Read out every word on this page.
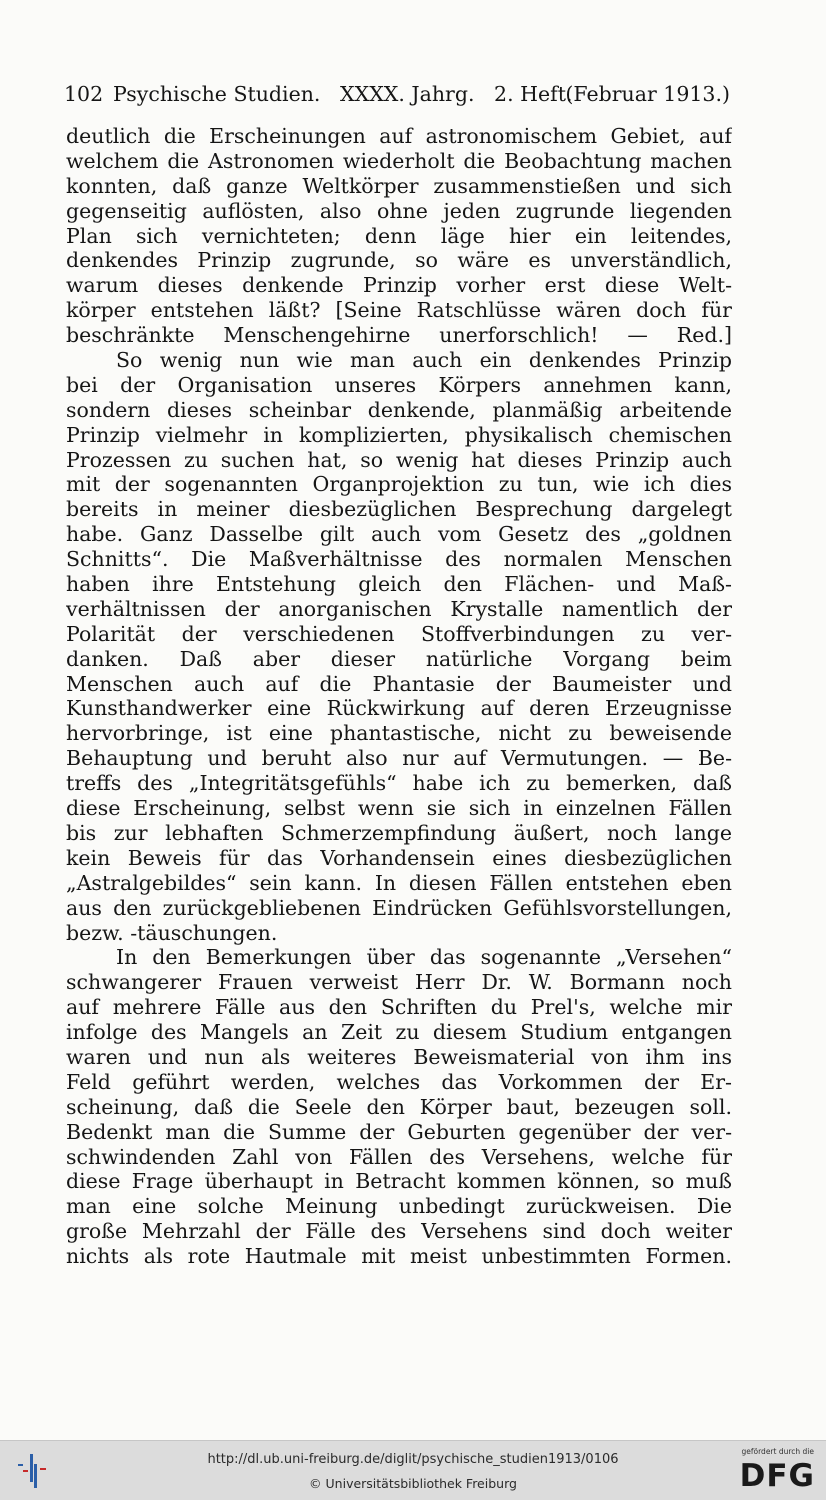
102 Psychische Studien.   XXXX. Jahrg.   2. Heft.
(Februar 1913.)
deutlich die Erscheinungen auf astronomischem Gebiet, auf
welchem die Astronomen wiederholt die Beobachtung machen
konnten, daß ganze Weltkörper zusammenstießen und sich
gegenseitig auflösten, also ohne jeden zugrunde liegenden
Plan sich vernichteten; denn läge hier ein leitendes,
denkendes Prinzip zugrunde, so wäre es unverständlich,
warum dieses denkende Prinzip vorher erst diese Welt-
körper entstehen läßt? [Seine Ratschlüsse wären doch für
beschränkte Menschengehirne unerforschlich! — Red.]
So wenig nun wie man auch ein denkendes Prinzip
bei der Organisation unseres Körpers annehmen kann,
sondern dieses scheinbar denkende, planmäßig arbeitende
Prinzip vielmehr in komplizierten, physikalisch chemischen
Prozessen zu suchen hat, so wenig hat dieses Prinzip auch
mit der sogenannten Organprojektion zu tun, wie ich dies
bereits in meiner diesbezüglichen Besprechung dargelegt
habe. Ganz Dasselbe gilt auch vom Gesetz des „goldnen
Schnitts“. Die Maßverhältnisse des normalen Menschen
haben ihre Entstehung gleich den Flächen- und Maß-
verhältnissen der anorganischen Krystalle namentlich der
Polarität der verschiedenen Stoffverbindungen zu ver-
danken. Daß aber dieser natürliche Vorgang beim
Menschen auch auf die Phantasie der Baumeister und
Kunsthandwerker eine Rückwirkung auf deren Erzeugnisse
hervorbringe, ist eine phantastische, nicht zu beweisende
Behauptung und beruht also nur auf Vermutungen. — Be-
treffs des „Integritätsgefühls“ habe ich zu bemerken, daß
diese Erscheinung, selbst wenn sie sich in einzelnen Fällen
bis zur lebhaften Schmerzempfindung äußert, noch lange
kein Beweis für das Vorhandensein eines diesbezüglichen
„Astralgebildes“ sein kann. In diesen Fällen entstehen eben
aus den zurückgebliebenen Eindrücken Gefühlsvorstellungen,
bezw. -täuschungen.
In den Bemerkungen über das sogenannte „Versehen“
schwangerer Frauen verweist Herr Dr. W. Bormann noch
auf mehrere Fälle aus den Schriften du Prel's, welche mir
infolge des Mangels an Zeit zu diesem Studium entgangen
waren und nun als weiteres Beweismaterial von ihm ins
Feld geführt werden, welches das Vorkommen der Er-
scheinung, daß die Seele den Körper baut, bezeugen soll.
Bedenkt man die Summe der Geburten gegenüber der ver-
schwindenden Zahl von Fällen des Versehens, welche für
diese Frage überhaupt in Betracht kommen können, so muß
man eine solche Meinung unbedingt zurückweisen. Die
große Mehrzahl der Fälle des Versehens sind doch weiter
nichts als rote Hautmale mit meist unbestimmten Formen.
http://dl.ub.uni-freiburg.de/diglit/psychische_studien1913/0106
© Universitätsbibliothek Freiburg
gefördert durch die
DFG
